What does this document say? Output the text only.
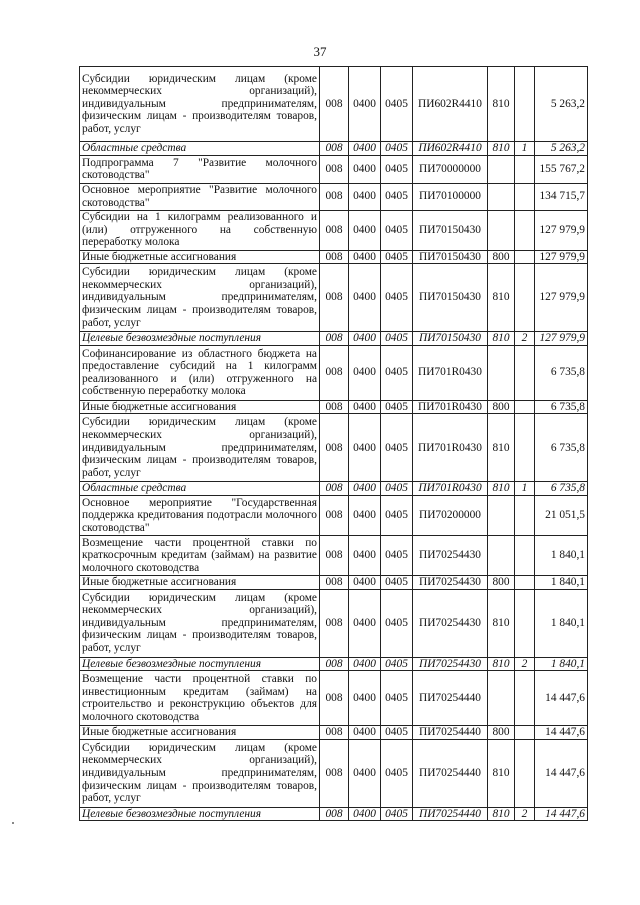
37
Субсидии юридическим лицам (кроме некоммерческих организаций), индивидуальным предпринимателям, физическим лицам - производителям товаров, работ, услуг	008	0400	0405	ПИ602R4410	810		5 263,2
Областные средства	008	0400	0405	ПИ602R4410	810	1	5 263,2
Подпрограмма 7 "Развитие молочного скотоводства"	008	0400	0405	ПИ70000000			155 767,2
Основное мероприятие "Развитие молочного скотоводства"	008	0400	0405	ПИ70100000			134 715,7
Субсидии на 1 килограмм реализованного и (или) отгруженного на собственную переработку молока	008	0400	0405	ПИ70150430			127 979,9
Иные бюджетные ассигнования	008	0400	0405	ПИ70150430	800		127 979,9
Субсидии юридическим лицам (кроме некоммерческих организаций), индивидуальным предпринимателям, физическим лицам - производителям товаров, работ, услуг	008	0400	0405	ПИ70150430	810		127 979,9
Целевые безвозмездные поступления	008	0400	0405	ПИ70150430	810	2	127 979,9
Софинансирование из областного бюджета на предоставление субсидий на 1 килограмм реализованного и (или) отгруженного на собственную переработку молока	008	0400	0405	ПИ701R0430			6 735,8
Иные бюджетные ассигнования	008	0400	0405	ПИ701R0430	800		6 735,8
Субсидии юридическим лицам (кроме некоммерческих организаций), индивидуальным предпринимателям, физическим лицам - производителям товаров, работ, услуг	008	0400	0405	ПИ701R0430	810		6 735,8
Областные средства	008	0400	0405	ПИ701R0430	810	1	6 735,8
Основное мероприятие "Государственная поддержка кредитования подотрасли молочного скотоводства"	008	0400	0405	ПИ70200000			21 051,5
Возмещение части процентной ставки по краткосрочным кредитам (займам) на развитие молочного скотоводства	008	0400	0405	ПИ70254430			1 840,1
Иные бюджетные ассигнования	008	0400	0405	ПИ70254430	800		1 840,1
Субсидии юридическим лицам (кроме некоммерческих организаций), индивидуальным предпринимателям, физическим лицам - производителям товаров, работ, услуг	008	0400	0405	ПИ70254430	810		1 840,1
Целевые безвозмездные поступления	008	0400	0405	ПИ70254430	810	2	1 840,1
Возмещение части процентной ставки по инвестиционным кредитам (займам) на строительство и реконструкцию объектов для молочного скотоводства	008	0400	0405	ПИ70254440			14 447,6
Иные бюджетные ассигнования	008	0400	0405	ПИ70254440	800		14 447,6
Субсидии юридическим лицам (кроме некоммерческих организаций), индивидуальным предпринимателям, физическим лицам - производителям товаров, работ, услуг	008	0400	0405	ПИ70254440	810		14 447,6
Целевые безвозмездные поступления	008	0400	0405	ПИ70254440	810	2	14 447,6
